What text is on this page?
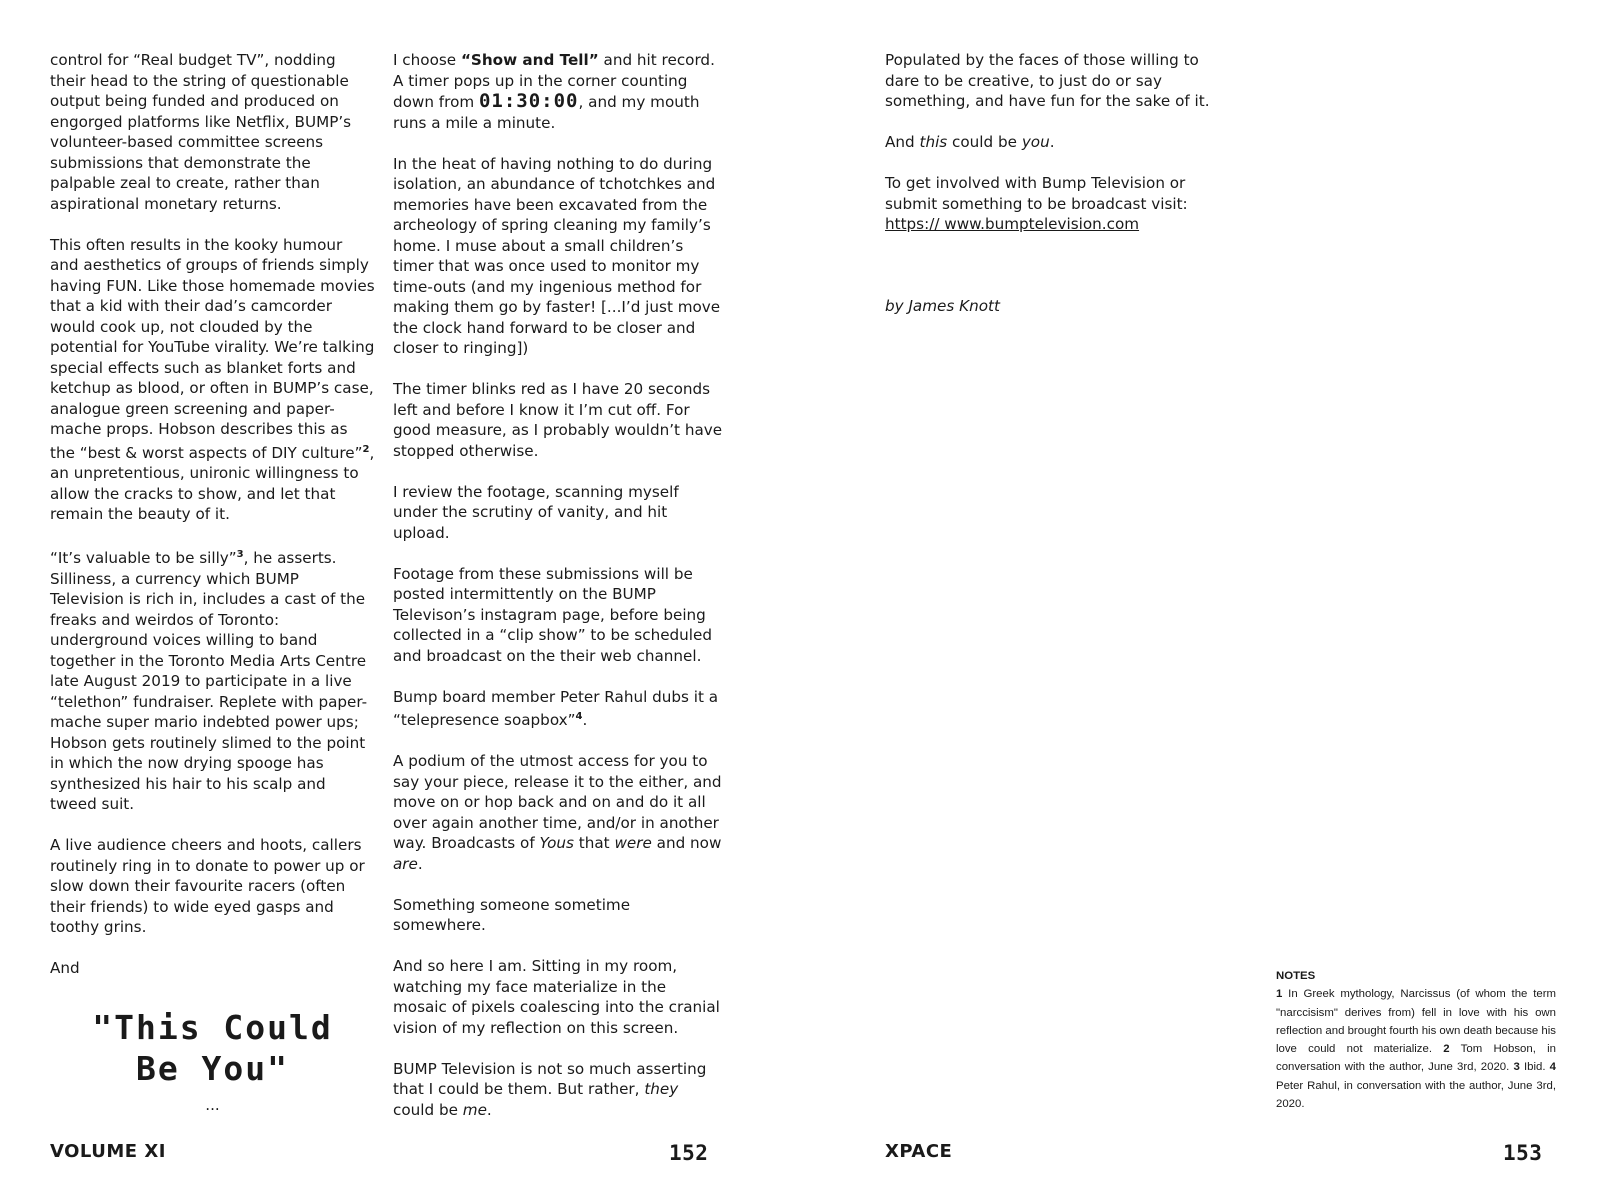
control for “Real budget TV”, nodding their head to the string of questionable output being funded and produced on engorged platforms like Netflix, BUMP’s volunteer-based committee screens submissions that demonstrate the palpable zeal to create, rather than aspirational monetary returns.

This often results in the kooky humour and aesthetics of groups of friends simply having FUN. Like those homemade movies that a kid with their dad’s camcorder would cook up, not clouded by the potential for YouTube virality. We’re talking special effects such as blanket forts and ketchup as blood, or often in BUMP’s case, analogue green screening and paper-mache props. Hobson describes this as the “best & worst aspects of DIY culture”$^2$, an unpretentious, unironic willingness to allow the cracks to show, and let that remain the beauty of it.

“It’s valuable to be silly”$^3$, he asserts. Silliness, a currency which BUMP Television is rich in, includes a cast of the freaks and weirdos of Toronto: underground voices willing to band together in the Toronto Media Arts Centre late August 2019 to participate in a live “telethon” fundraiser. Replete with paper-mache super mario indebted power ups; Hobson gets routinely slimed to the point in which the now drying spooge has synthesized his hair to his scalp and tweed suit.

A live audience cheers and hoots, callers routinely ring in to donate to power up or slow down their favourite racers (often their friends) to wide eyed gasps and toothy grins.

And

"This Could
Be You"
...

I choose “Show and Tell” and hit record. A timer pops up in the corner counting down from 01:30:00, and my mouth runs a mile a minute.

In the heat of having nothing to do during isolation, an abundance of tchotchkes and memories have been excavated from the archeology of spring cleaning my family’s home. I muse about a small children’s timer that was once used to monitor my time-outs (and my ingenious method for making them go by faster! [...I’d just move the clock hand forward to be closer and closer to ringing])

The timer blinks red as I have 20 seconds left and before I know it I’m cut off. For good measure, as I probably wouldn’t have stopped otherwise.

I review the footage, scanning myself under the scrutiny of vanity, and hit upload.

Footage from these submissions will be posted intermittently on the BUMP Televison’s instagram page, before being collected in a “clip show” to be scheduled and broadcast on the their web channel.

Bump board member Peter Rahul dubs it a “telepresence soapbox”$^4$.

A podium of the utmost access for you to say your piece, release it to the either, and move on or hop back and on and do it all over again another time, and/or in another way. Broadcasts of Yous that were and now are.

Something someone sometime somewhere.

And so here I am. Sitting in my room, watching my face materialize in the mosaic of pixels coalescing into the cranial vision of my reflection on this screen.

BUMP Television is not so much asserting that I could be them. But rather, they could be me.

Populated by the faces of those willing to dare to be creative, to just do or say something, and have fun for the sake of it.

And this could be you.

To get involved with Bump Television or submit something to be broadcast visit:
https:// www.bumptelevision.com

by James Knott

NOTES
1 In Greek mythology, Narcissus (of whom the term "narccisism" derives from) fell in love with his own reflection and brought fourth his own death because his love could not materialize. 2 Tom Hobson, in conversation with the author, June 3rd, 2020. 3 Ibid. 4 Peter Rahul, in conversation with the author, June 3rd, 2020.
VOLUME XI	152	XPACE	153
